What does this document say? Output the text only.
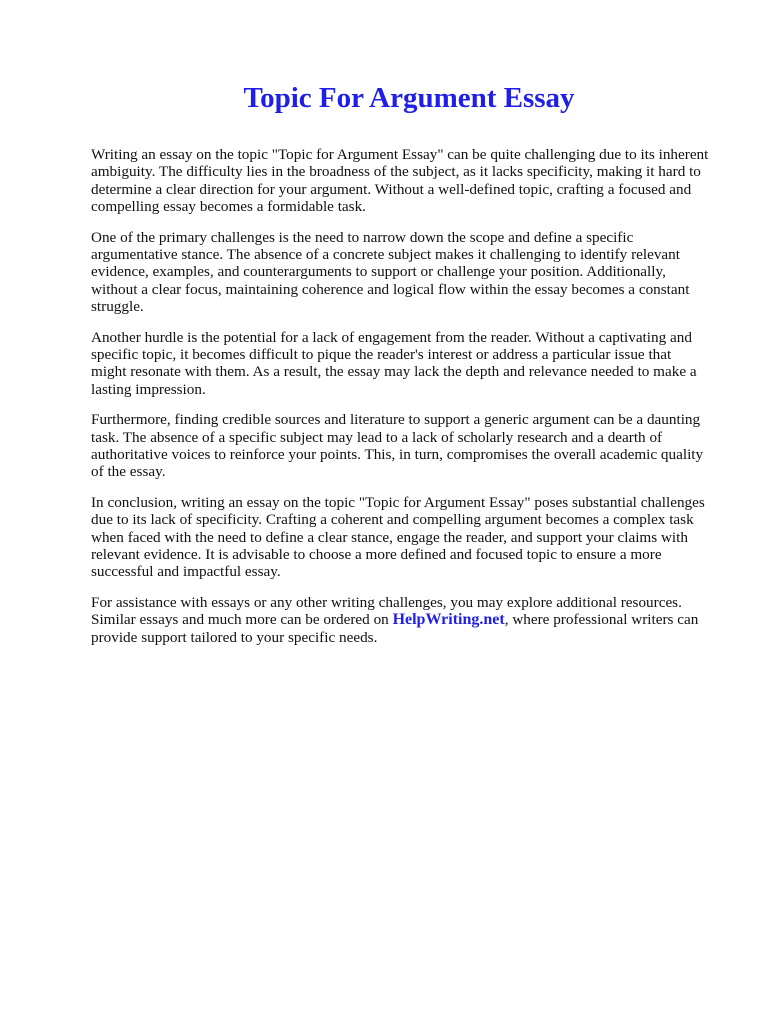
Topic For Argument Essay

Writing an essay on the topic "Topic for Argument Essay" can be quite challenging due to its inherent
ambiguity. The difficulty lies in the broadness of the subject, as it lacks specificity, making it hard to
determine a clear direction for your argument. Without a well-defined topic, crafting a focused and
compelling essay becomes a formidable task.

One of the primary challenges is the need to narrow down the scope and define a specific
argumentative stance. The absence of a concrete subject makes it challenging to identify relevant
evidence, examples, and counterarguments to support or challenge your position. Additionally,
without a clear focus, maintaining coherence and logical flow within the essay becomes a constant
struggle.

Another hurdle is the potential for a lack of engagement from the reader. Without a captivating and
specific topic, it becomes difficult to pique the reader's interest or address a particular issue that
might resonate with them. As a result, the essay may lack the depth and relevance needed to make a
lasting impression.

Furthermore, finding credible sources and literature to support a generic argument can be a daunting
task. The absence of a specific subject may lead to a lack of scholarly research and a dearth of
authoritative voices to reinforce your points. This, in turn, compromises the overall academic quality
of the essay.

In conclusion, writing an essay on the topic "Topic for Argument Essay" poses substantial challenges
due to its lack of specificity. Crafting a coherent and compelling argument becomes a complex task
when faced with the need to define a clear stance, engage the reader, and support your claims with
relevant evidence. It is advisable to choose a more defined and focused topic to ensure a more
successful and impactful essay.

For assistance with essays or any other writing challenges, you may explore additional resources.
Similar essays and much more can be ordered on HelpWriting.net, where professional writers can
provide support tailored to your specific needs.
